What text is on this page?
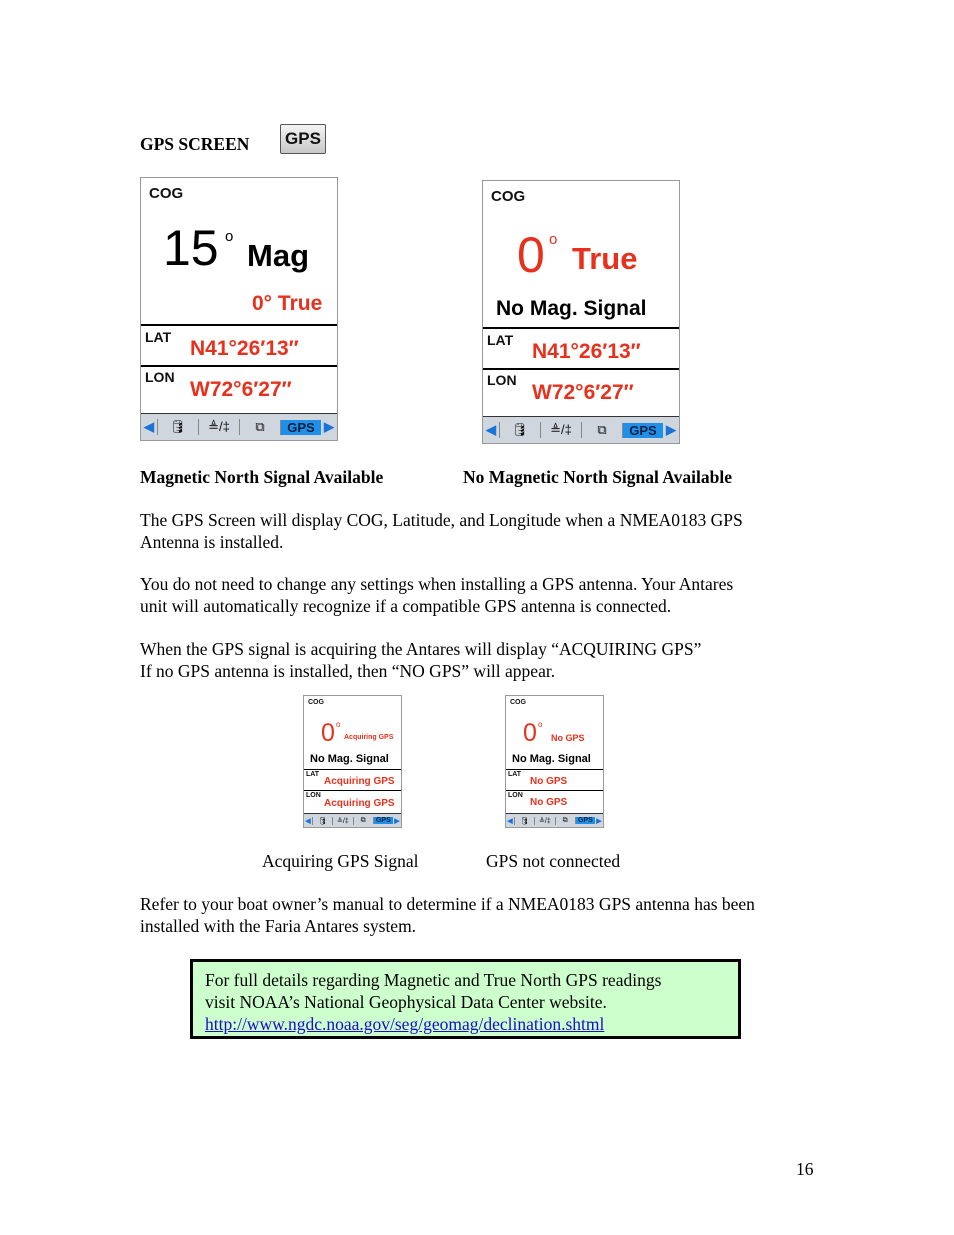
GPS SCREEN GPS
COG
15 o
Mag
0° True
LAT N41°26′13″
LON
W72°6′27″
◀	🛢	≜/‡	⧉	GPS ▶
COG
0 o
True
No Mag. Signal
LAT N41°26′13″
LON
W72°6′27″
◀	🛢	≜/‡	⧉	GPS ▶
Magnetic North Signal Available	No Magnetic North Signal Available
The GPS Screen will display COG, Latitude, and Longitude when a NMEA0183 GPS
Antenna is installed.
You do not need to change any settings when installing a GPS antenna. Your Antares
unit will automatically recognize if a compatible GPS antenna is connected.
When the GPS signal is acquiring the Antares will display “ACQUIRING GPS”
If no GPS antenna is installed, then “NO GPS” will appear.
COG
0 o
Acquiring GPS
No Mag. Signal
LAT
Acquiring GPS
LON
Acquiring GPS
◀	🛢	≜/‡	⧉	GPS ▶
COG
0 o
No GPS
No Mag. Signal
LAT
No GPS
LON
No GPS
◀	🛢	≜/‡	⧉	GPS ▶
Acquiring GPS Signal	GPS not connected
Refer to your boat owner’s manual to determine if a NMEA0183 GPS antenna has been
installed with the Faria Antares system.
For full details regarding Magnetic and True North GPS readings
visit NOAA’s National Geophysical Data Center website.
http://www.ngdc.noaa.gov/seg/geomag/declination.shtml
16
